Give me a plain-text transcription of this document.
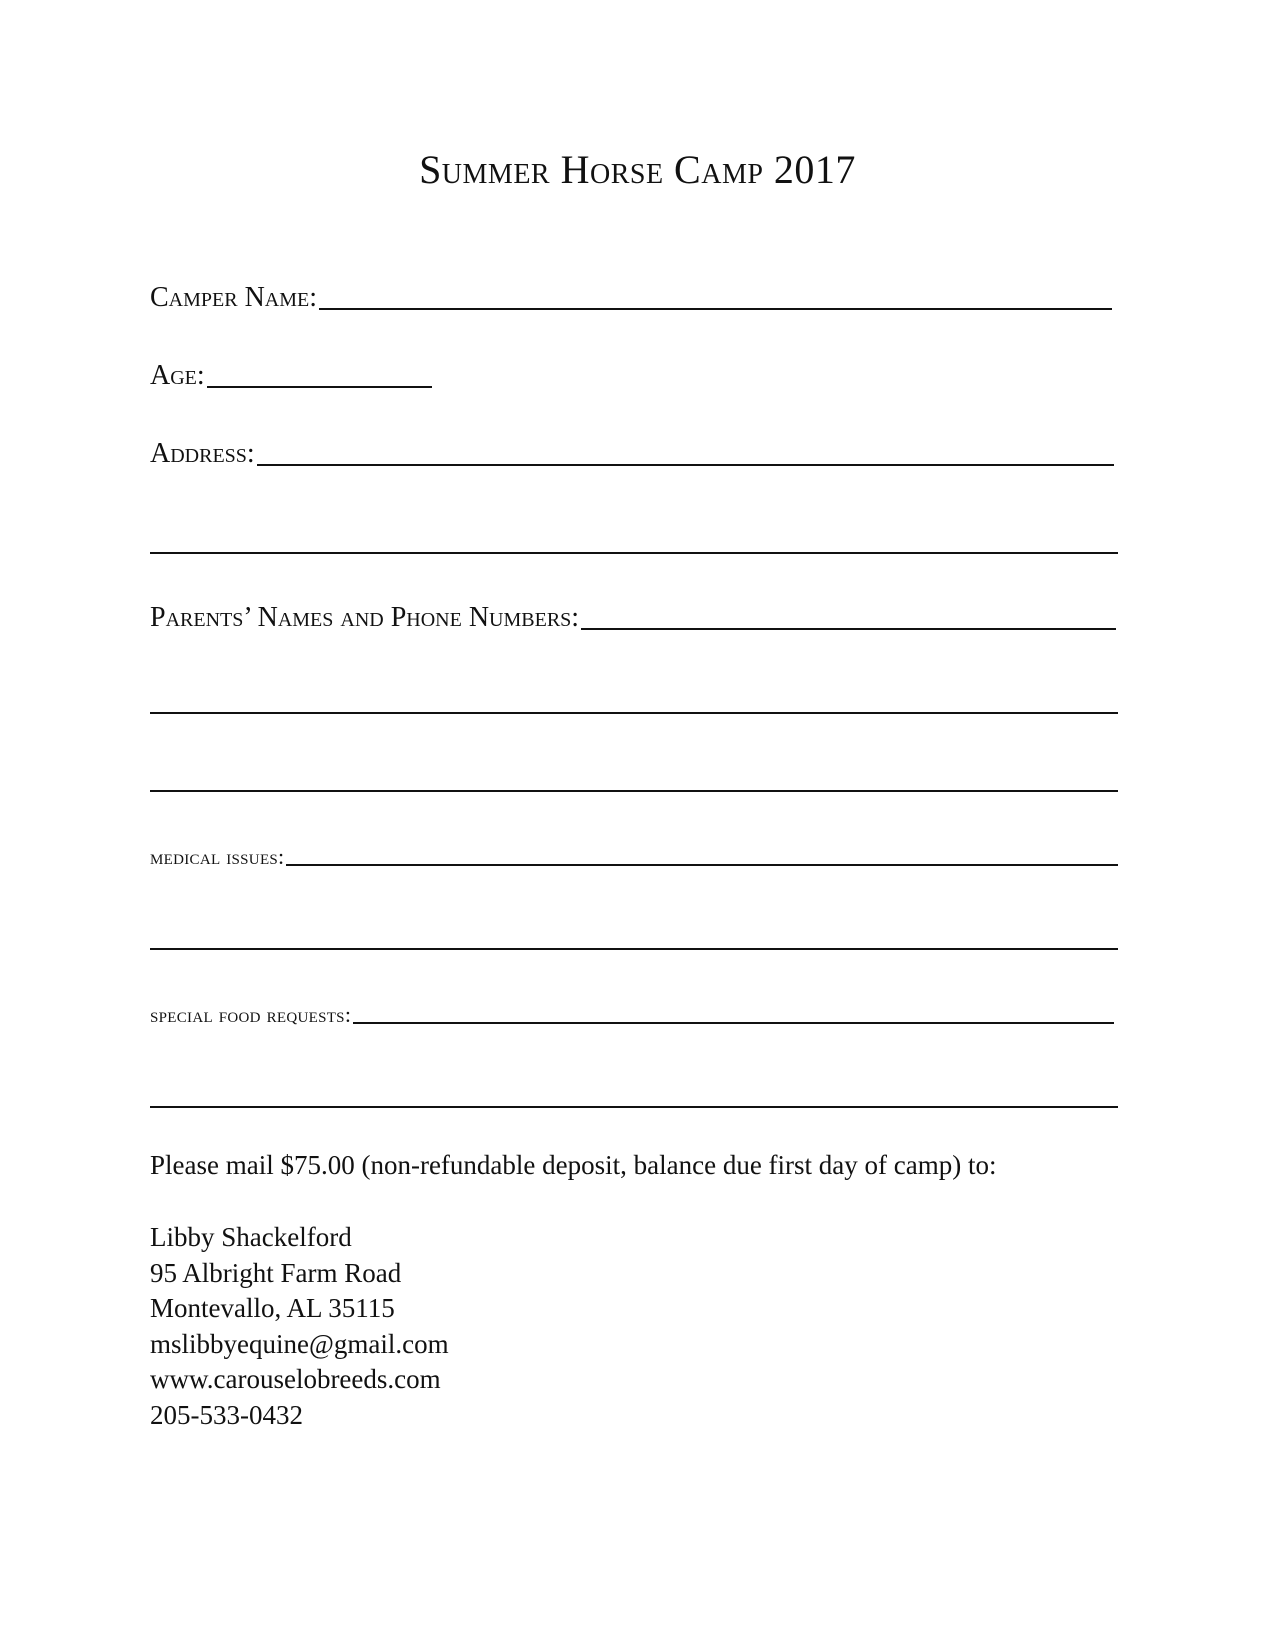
Summer Horse Camp 2017
Camper Name:
Age:
Address:
Parents’ Names and Phone Numbers:
medical issues:
special food requests:
Please mail $75.00 (non-refundable deposit, balance due first day of camp) to:
Libby Shackelford
95 Albright Farm Road
Montevallo, AL 35115
mslibbyequine@gmail.com
www.carouselobreeds.com
205-533-0432
